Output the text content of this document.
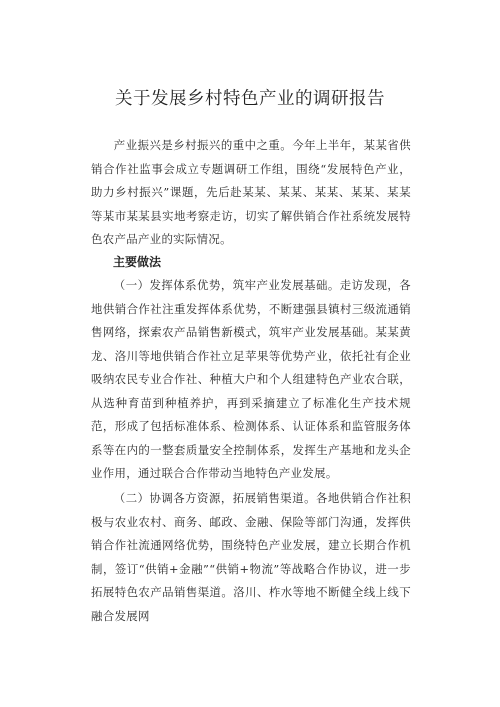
关于发展乡村特色产业的调研报告

产业振兴是乡村振兴的重中之重。今年上半年，某某省供销合作社监事会成立专题调研工作组，围绕“发展特色产业，助力乡村振兴”课题，先后赴某某、某某、某某、某某、某某等某市某某县实地考察走访，切实了解供销合作社系统发展特色农产品产业的实际情况。

主要做法

（一）发挥体系优势，筑牢产业发展基础。走访发现，各地供销合作社注重发挥体系优势，不断建强县镇村三级流通销售网络，探索农产品销售新模式，筑牢产业发展基础。某某黄龙、洛川等地供销合作社立足苹果等优势产业，依托社有企业吸纳农民专业合作社、种植大户和个人组建特色产业农合联，从选种育苗到种植养护，再到采摘建立了标准化生产技术规范，形成了包括标准体系、检测体系、认证体系和监管服务体系等在内的一整套质量安全控制体系，发挥生产基地和龙头企业作用，通过联合合作带动当地特色产业发展。

（二）协调各方资源，拓展销售渠道。各地供销合作社积极与农业农村、商务、邮政、金融、保险等部门沟通，发挥供销合作社流通网络优势，围绕特色产业发展，建立长期合作机制，签订“供销+金融”“供销+物流”等战略合作协议，进一步拓展特色农产品销售渠道。洛川、柞水等地不断健全线上线下融合发展网
